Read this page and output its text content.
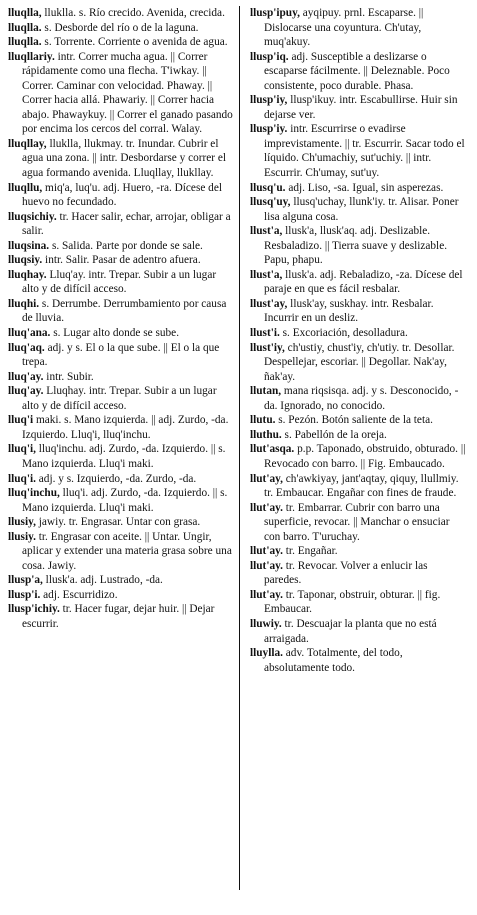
lluqlla, lluklla. s. Río crecido. Avenida, crecida.

lluqlla. s. Desborde del río o de la laguna.

lluqlla. s. Torrente. Corriente o avenida de agua.

lluqllariy. intr. Correr mucha agua. || Correr rápidamente como una flecha. T'iwkay. || Correr. Caminar con velocidad. Phaway. || Correr hacia allá. Phawariy. || Correr hacia abajo. Phawaykuy. || Correr el ganado pasando por encima los cercos del corral. Walay.

lluqllay, lluklla, llukmay. tr. Inundar. Cubrir el agua una zona. || intr. Desbordarse y correr el agua formando avenida. Lluqllay, llukllay.

lluqllu, miq'a, luq'u. adj. Huero, -ra. Dícese del huevo no fecundado.

lluqsichiy. tr. Hacer salir, echar, arrojar, obligar a salir.

lluqsina. s. Salida. Parte por donde se sale.

lluqsiy. intr. Salir. Pasar de adentro afuera.

lluqhay. Lluq'ay. intr. Trepar. Subir a un lugar alto y de difícil acceso.

lluqhi. s. Derrumbe. Derrumbamiento por causa de lluvia.

lluq'ana. s. Lugar alto donde se sube.

lluq'aq. adj. y s. El o la que sube. || El o la que trepa.

lluq'ay. intr. Subir.

lluq'ay. Lluqhay. intr. Trepar. Subir a un lugar alto y de difícil acceso.

lluq'i maki. s. Mano izquierda. || adj. Zurdo, -da. Izquierdo. Lluq'i, lluq'inchu.

lluq'i, lluq'inchu. adj. Zurdo, -da. Izquierdo. || s. Mano izquierda. Lluq'i maki.

lluq'i. adj. y s. Izquierdo, -da. Zurdo, -da.

lluq'inchu, lluq'i. adj. Zurdo, -da. Izquierdo. || s. Mano izquierda. Lluq'i maki.

llusiy, jawiy. tr. Engrasar. Untar con grasa.

llusiy. tr. Engrasar con aceite. || Untar. Ungir, aplicar y extender una materia grasa sobre una cosa. Jawiy.

llusp'a, llusk'a. adj. Lustrado, -da.

llusp'i. adj. Escurridizo.

llusp'ichiy. tr. Hacer fugar, dejar huir. || Dejar escurrir.

llusp'ipuy, ayqipuy. prnl. Escaparse. || Dislocarse una coyuntura. Ch'utay, muq'akuy.

llusp'iq. adj. Susceptible a deslizarse o escaparse fácilmente. || Deleznable. Poco consistente, poco durable. Phasa.

llusp'iy, llusp'ikuy. intr. Escabullirse. Huir sin dejarse ver.

llusp'iy. intr. Escurrirse o evadirse imprevistamente. || tr. Escurrir. Sacar todo el líquido. Ch'umachiy, sut'uchiy. || intr. Escurrir. Ch'umay, sut'uy.

llusq'u. adj. Liso, -sa. Igual, sin asperezas.

llusq'uy, llusq'uchay, llunk'iy. tr. Alisar. Poner lisa alguna cosa.

llust'a, llusk'a, llusk'aq. adj. Deslizable. Resbaladizo. || Tierra suave y deslizable. Papu, phapu.

llust'a, llusk'a. adj. Rebaladizo, -za. Dícese del paraje en que es fácil resbalar.

llust'ay, llusk'ay, suskhay. intr. Resbalar. Incurrir en un desliz.

llust'i. s. Excoriación, desolladura.

llust'iy, ch'ustiy, chust'iy, ch'utiy. tr. Desollar. Despellejar, escoriar. || Degollar. Nak'ay, ñak'ay.

llutan, mana riqsisqa. adj. y s. Desconocido, -da. Ignorado, no conocido.

llutu. s. Pezón. Botón saliente de la teta.

lluthu. s. Pabellón de la oreja.

llut'asqa. p.p. Taponado, obstruido, obturado. || Revocado con barro. || Fig. Embaucado.

llut'ay, ch'awkiyay, jant'aqtay, qiquy, llullmiy. tr. Embaucar. Engañar con fines de fraude.

llut'ay. tr. Embarrar. Cubrir con barro una superficie, revocar. || Manchar o ensuciar con barro. T'uruchay.

llut'ay. tr. Engañar.

llut'ay. tr. Revocar. Volver a enlucir las paredes.

llut'ay. tr. Taponar, obstruir, obturar. || fig. Embaucar.

lluwiy. tr. Descuajar la planta que no está arraigada.

lluylla. adv. Totalmente, del todo, absolutamente todo.
